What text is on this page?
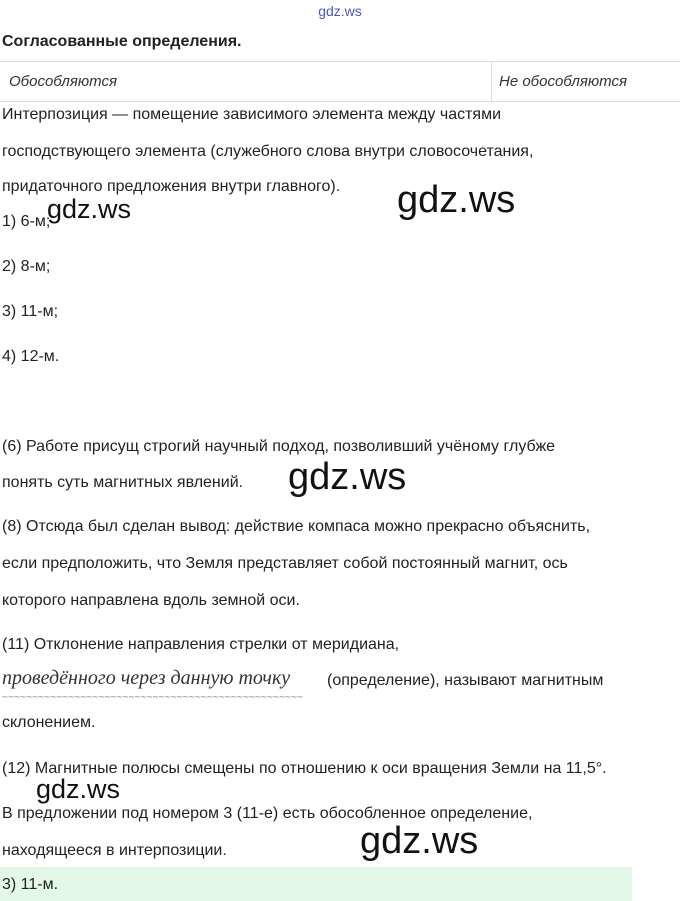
gdz.ws
Согласованные определения.
Обособляются	Не обособляются
Интерпозиция — помещение зависимого элемента между частями
господствующего элемента (служебного слова внутри словосочетания,
придаточного предложения внутри главного).
1) 6-м;
2) 8-м;
3) 11-м;
4) 12-м.
(6) Работе присущ строгий научный подход, позволивший учёному глубже
понять суть магнитных явлений.
(8) Отсюда был сделан вывод: действие компаса можно прекрасно объяснить,
если предположить, что Земля представляет собой постоянный магнит, ось
которого направлена вдоль земной оси.
(11) Отклонение направления стрелки от меридиана,
проведённого через данную точку (определение), называют магнитным
~~~~~~~~~~~~~~~~~~~~~~~~~~~~~~~~~~~~~~~~~~~~~~~~~~
склонением.
(12) Магнитные полюсы смещены по отношению к оси вращения Земли на 11,5°.
В предложении под номером 3 (11-е) есть обособленное определение,
находящееся в интерпозиции.
3) 11-м.
gdz.ws	gdz.ws
gdz.ws
gdz.ws
gdz.ws
